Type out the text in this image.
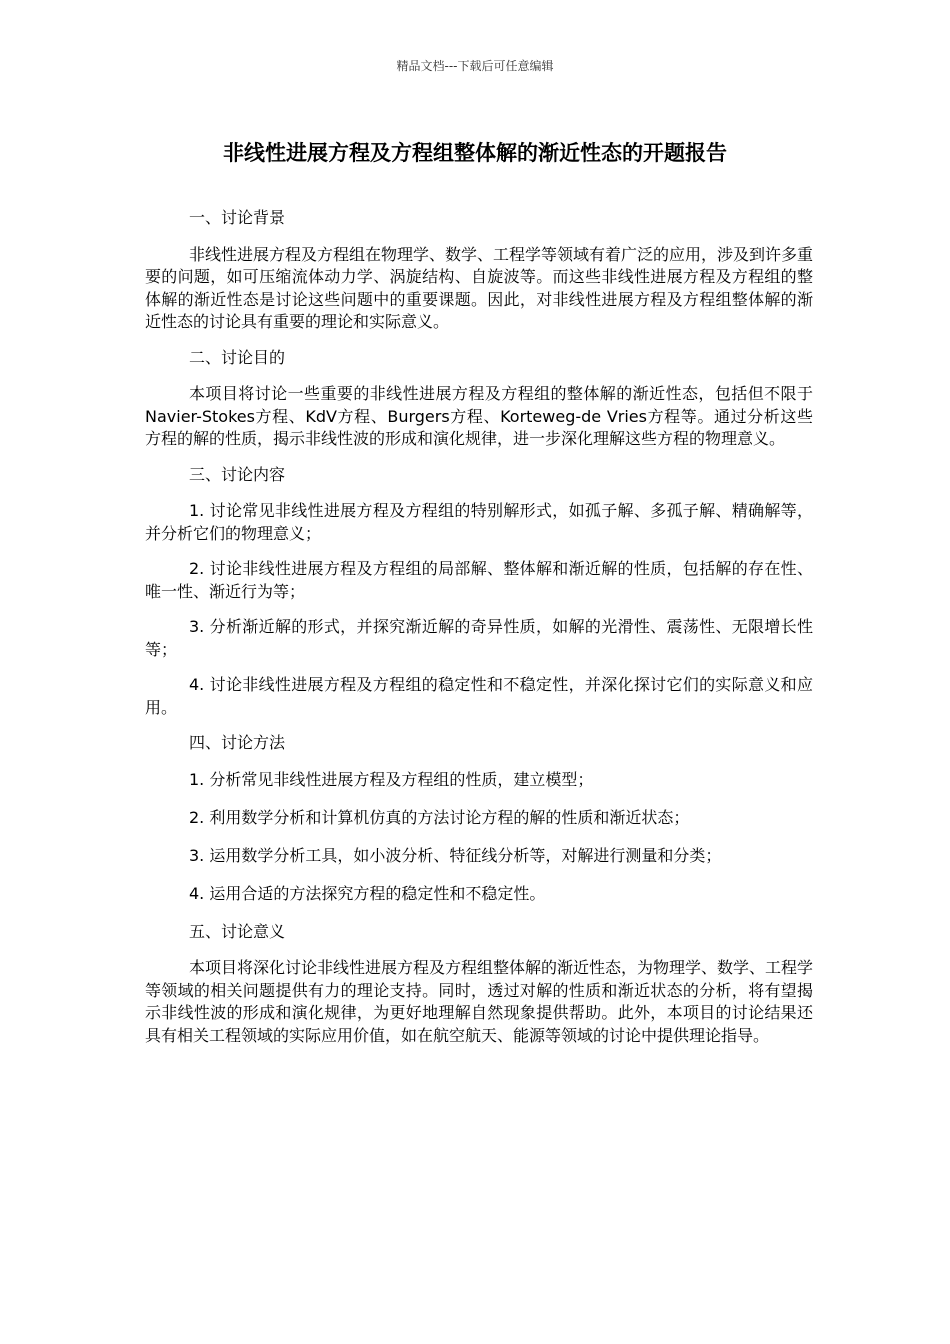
精品文档---下载后可任意编辑
非线性进展方程及方程组整体解的渐近性态的开题报告

一、讨论背景

非线性进展方程及方程组在物理学、数学、工程学等领域有着广泛的应用，涉及到许多重要的问题，如可压缩流体动力学、涡旋结构、自旋波等。而这些非线性进展方程及方程组的整体解的渐近性态是讨论这些问题中的重要课题。因此，对非线性进展方程及方程组整体解的渐近性态的讨论具有重要的理论和实际意义。

二、讨论目的

本项目将讨论一些重要的非线性进展方程及方程组的整体解的渐近性态，包括但不限于Navier-Stokes方程、KdV方程、Burgers方程、Korteweg-de Vries方程等。通过分析这些方程的解的性质，揭示非线性波的形成和演化规律，进一步深化理解这些方程的物理意义。

三、讨论内容

1. 讨论常见非线性进展方程及方程组的特别解形式，如孤子解、多孤子解、精确解等，并分析它们的物理意义；

2. 讨论非线性进展方程及方程组的局部解、整体解和渐近解的性质，包括解的存在性、唯一性、渐近行为等；

3. 分析渐近解的形式，并探究渐近解的奇异性质，如解的光滑性、震荡性、无限增长性等；

4. 讨论非线性进展方程及方程组的稳定性和不稳定性，并深化探讨它们的实际意义和应用。

四、讨论方法

1. 分析常见非线性进展方程及方程组的性质，建立模型；

2. 利用数学分析和计算机仿真的方法讨论方程的解的性质和渐近状态；

3. 运用数学分析工具，如小波分析、特征线分析等，对解进行测量和分类；

4. 运用合适的方法探究方程的稳定性和不稳定性。

五、讨论意义

本项目将深化讨论非线性进展方程及方程组整体解的渐近性态，为物理学、数学、工程学等领域的相关问题提供有力的理论支持。同时，透过对解的性质和渐近状态的分析，将有望揭示非线性波的形成和演化规律，为更好地理解自然现象提供帮助。此外，本项目的讨论结果还具有相关工程领域的实际应用价值，如在航空航天、能源等领域的讨论中提供理论指导。
